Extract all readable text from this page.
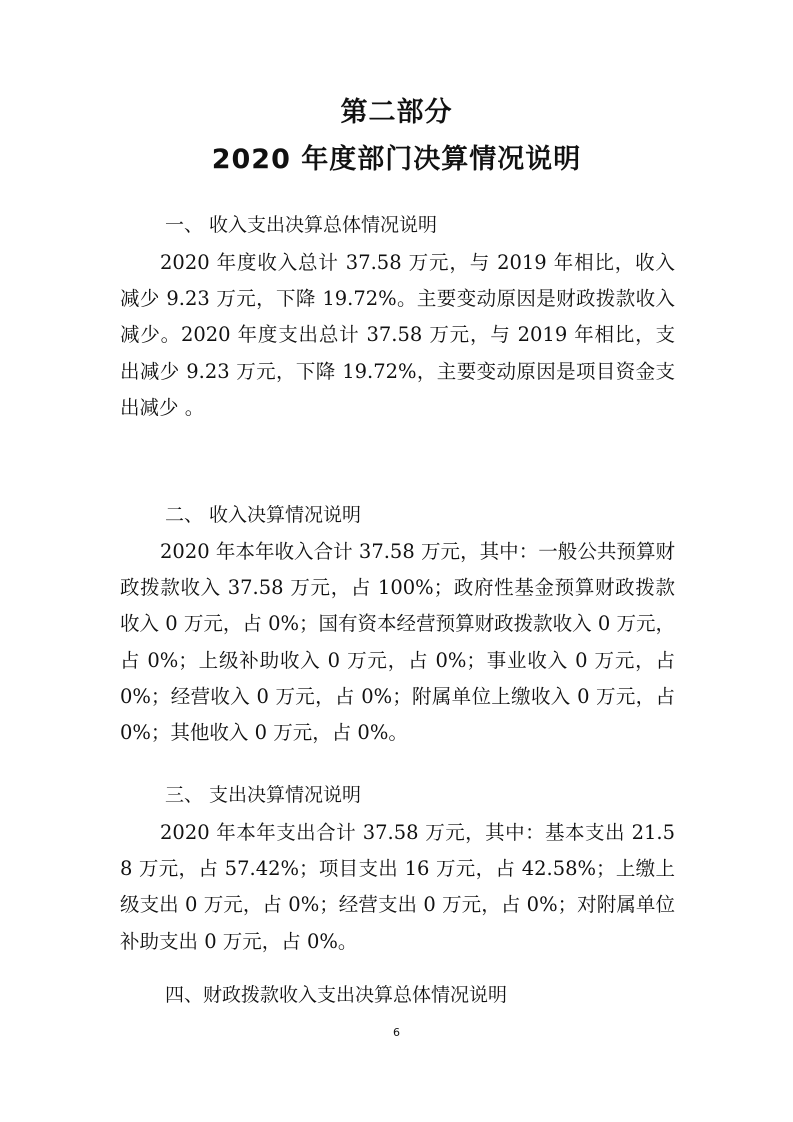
第二部分
2020 年度部门决算情况说明
一、 收入支出决算总体情况说明
2020 年度收入总计 37.58 万元，与 2019 年相比，收入减少 9.23 万元，下降 19.72%。主要变动原因是财政拨款收入减少。2020 年度支出总计 37.58 万元，与 2019 年相比，支出减少 9.23 万元，下降 19.72%，主要变动原因是项目资金支出减少 。
二、 收入决算情况说明
2020 年本年收入合计 37.58 万元，其中：一般公共预算财政拨款收入 37.58 万元，占 100%；政府性基金预算财政拨款收入 0 万元，占 0%；国有资本经营预算财政拨款收入 0 万元，占 0%；上级补助收入 0 万元，占 0%；事业收入 0 万元，占 0%；经营收入 0 万元，占 0%；附属单位上缴收入 0 万元，占 0%；其他收入 0 万元，占 0%。
三、 支出决算情况说明
2020 年本年支出合计 37.58 万元，其中：基本支出 21.58 万元，占 57.42%；项目支出 16 万元，占 42.58%；上缴上级支出 0 万元，占 0%；经营支出 0 万元，占 0%；对附属单位补助支出 0 万元，占 0%。
四、财政拨款收入支出决算总体情况说明
6
